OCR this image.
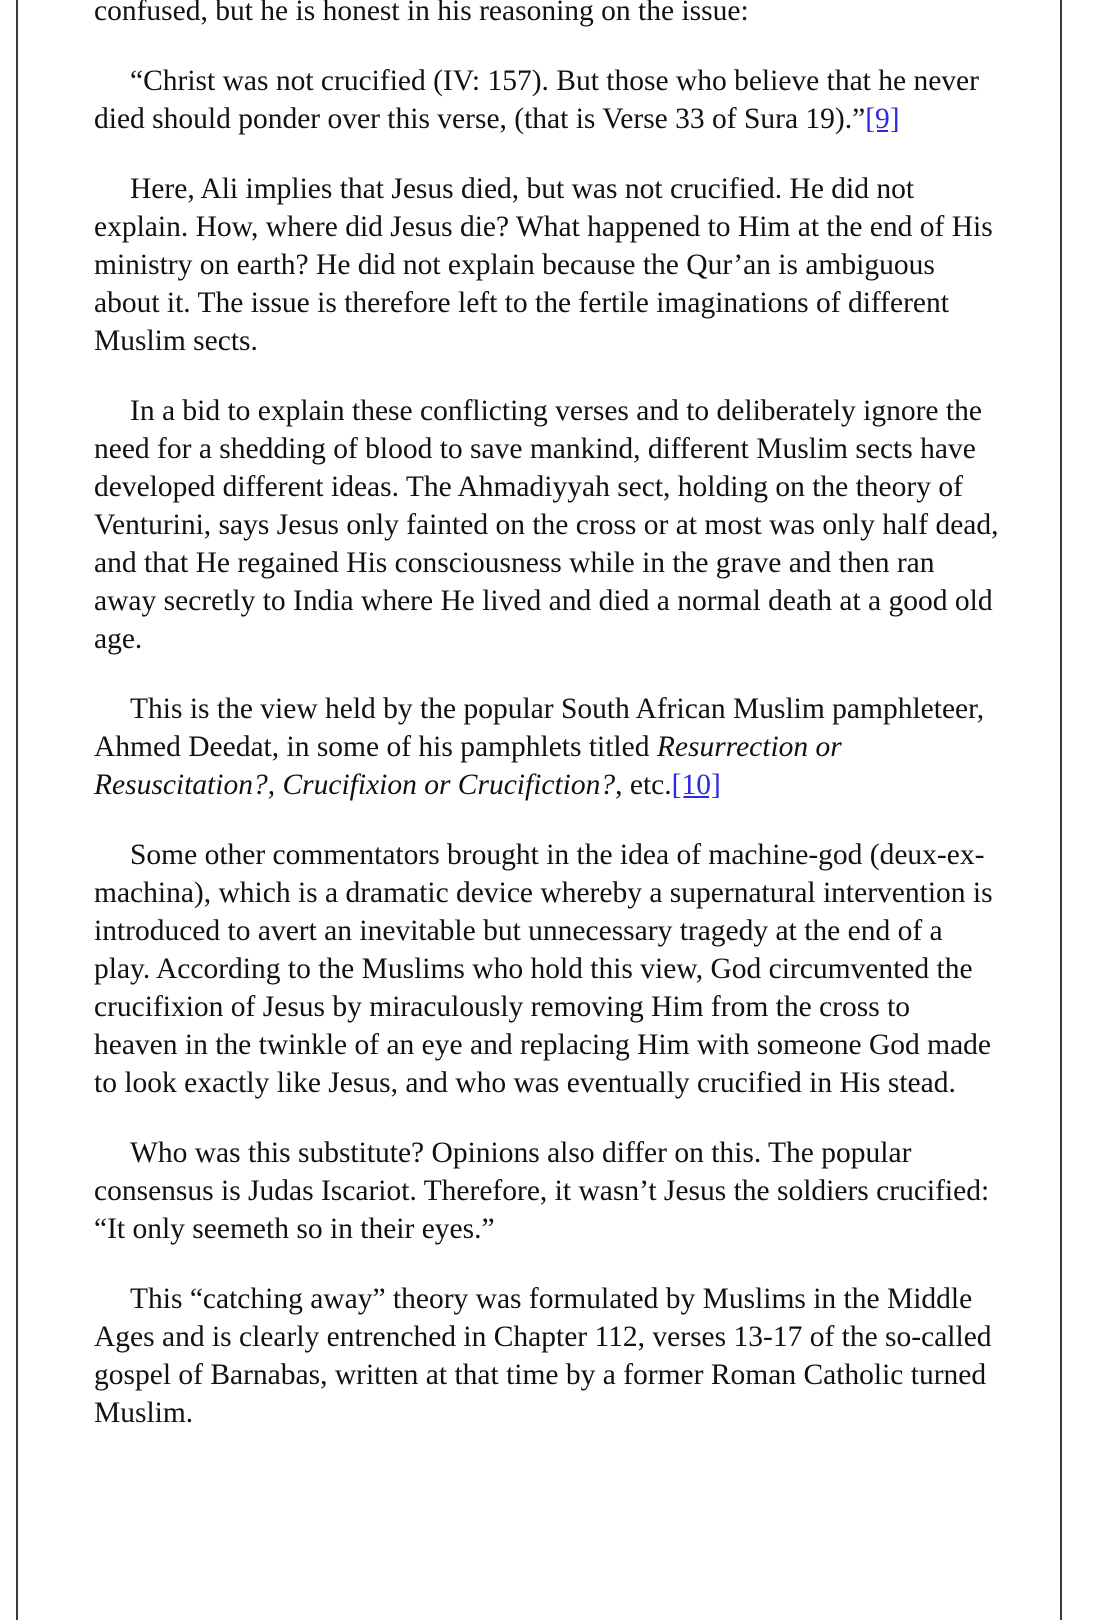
confused, but he is honest in his reasoning on the issue:

“Christ was not crucified (IV: 157). But those who believe that he never died should ponder over this verse, (that is Verse 33 of Sura 19).”[9]

Here, Ali implies that Jesus died, but was not crucified. He did not explain. How, where did Jesus die? What happened to Him at the end of His ministry on earth? He did not explain because the Qur’an is ambiguous about it. The issue is therefore left to the fertile imaginations of different Muslim sects.

In a bid to explain these conflicting verses and to deliberately ignore the need for a shedding of blood to save mankind, different Muslim sects have developed different ideas. The Ahmadiyyah sect, holding on the theory of Venturini, says Jesus only fainted on the cross or at most was only half dead, and that He regained His consciousness while in the grave and then ran away secretly to India where He lived and died a normal death at a good old age.

This is the view held by the popular South African Muslim pamphleteer, Ahmed Deedat, in some of his pamphlets titled Resurrection or Resuscitation?, Crucifixion or Crucifiction?, etc.[10]

Some other commentators brought in the idea of machine-god (deux-ex-machina), which is a dramatic device whereby a supernatural intervention is introduced to avert an inevitable but unnecessary tragedy at the end of a play. According to the Muslims who hold this view, God circumvented the crucifixion of Jesus by miraculously removing Him from the cross to heaven in the twinkle of an eye and replacing Him with someone God made to look exactly like Jesus, and who was eventually crucified in His stead.

Who was this substitute? Opinions also differ on this. The popular consensus is Judas Iscariot. Therefore, it wasn’t Jesus the soldiers crucified: “It only seemeth so in their eyes.”

This “catching away” theory was formulated by Muslims in the Middle Ages and is clearly entrenched in Chapter 112, verses 13-17 of the so-called gospel of Barnabas, written at that time by a former Roman Catholic turned Muslim.
